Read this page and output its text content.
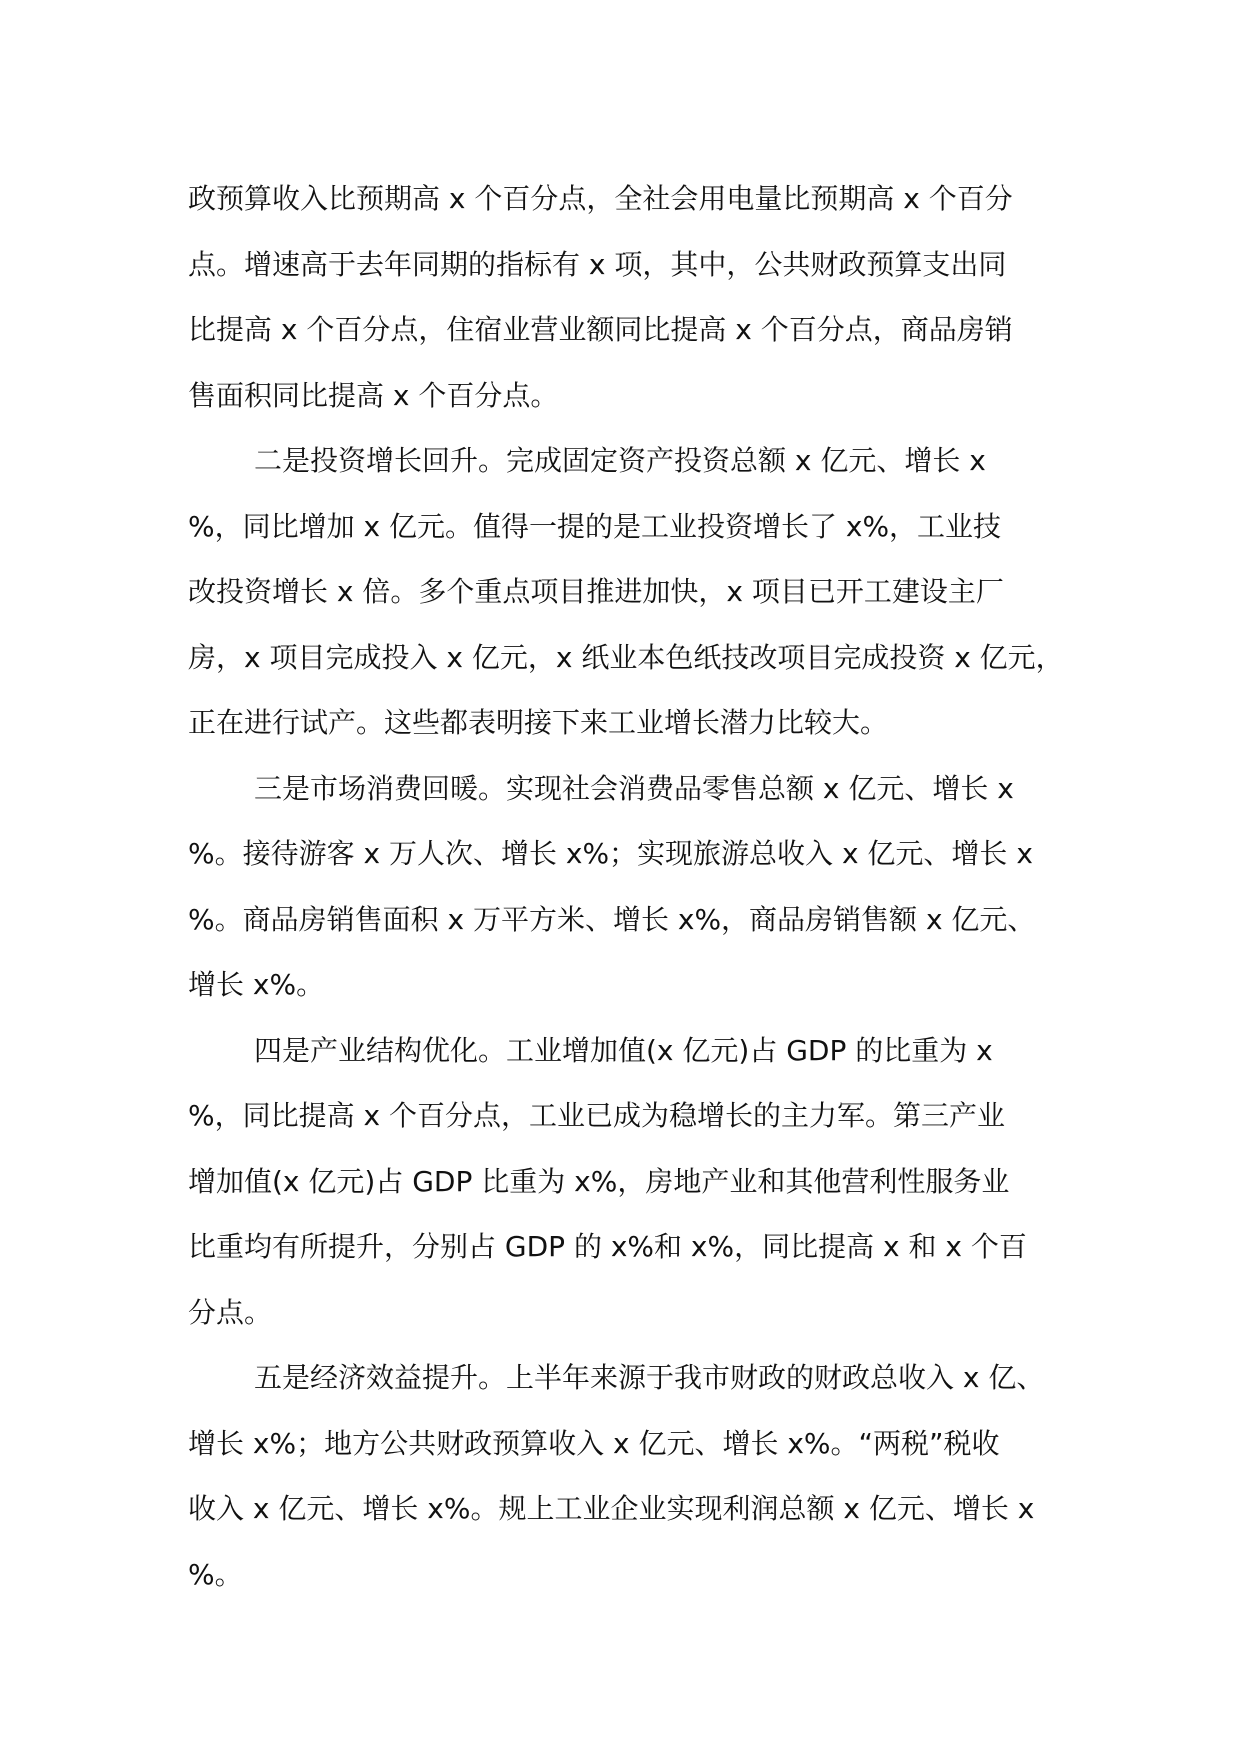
政预算收入比预期高 x 个百分点，全社会用电量比预期高 x 个百分
点。增速高于去年同期的指标有 x 项，其中，公共财政预算支出同
比提高 x 个百分点，住宿业营业额同比提高 x 个百分点，商品房销
售面积同比提高 x 个百分点。
二是投资增长回升。完成固定资产投资总额 x 亿元、增长 x
%，同比增加 x 亿元。值得一提的是工业投资增长了 x%，工业技
改投资增长 x 倍。多个重点项目推进加快，x 项目已开工建设主厂
房，x 项目完成投入 x 亿元，x 纸业本色纸技改项目完成投资 x 亿元，
正在进行试产。这些都表明接下来工业增长潜力比较大。
三是市场消费回暖。实现社会消费品零售总额 x 亿元、增长 x
%。接待游客 x 万人次、增长 x%；实现旅游总收入 x 亿元、增长 x
%。商品房销售面积 x 万平方米、增长 x%，商品房销售额 x 亿元、
增长 x%。
四是产业结构优化。工业增加值(x 亿元)占 GDP 的比重为 x
%，同比提高 x 个百分点，工业已成为稳增长的主力军。第三产业
增加值(x 亿元)占 GDP 比重为 x%，房地产业和其他营利性服务业
比重均有所提升，分别占 GDP 的 x%和 x%，同比提高 x 和 x 个百
分点。
五是经济效益提升。上半年来源于我市财政的财政总收入 x 亿、
增长 x%；地方公共财政预算收入 x 亿元、增长 x%。“两税”税收
收入 x 亿元、增长 x%。规上工业企业实现利润总额 x 亿元、增长 x
%。
